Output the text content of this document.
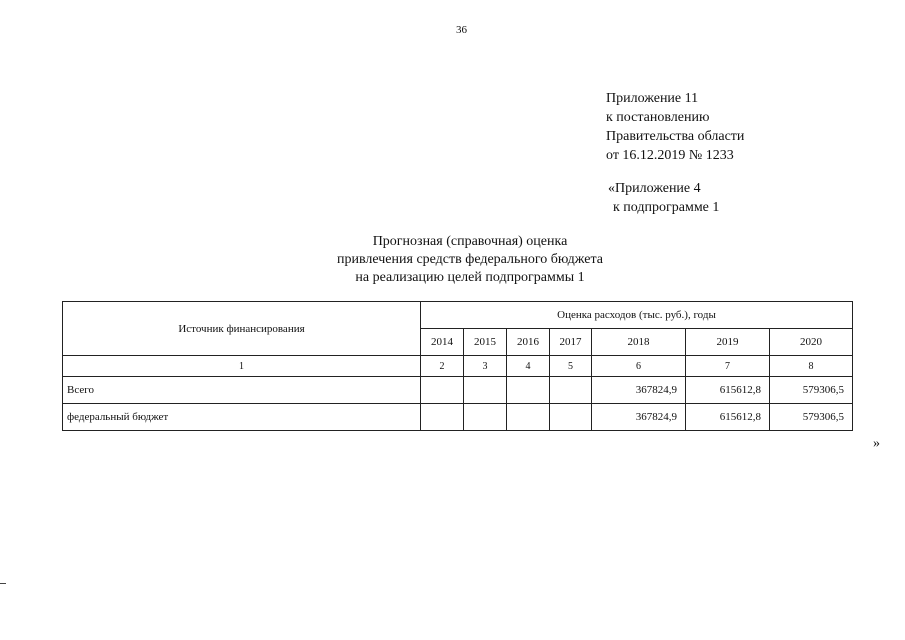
36
Приложение 11
к постановлению
Правительства области
от 16.12.2019 № 1233
«Приложение 4
к подпрограмме 1
Прогнозная (справочная) оценка
привлечения средств федерального бюджета
на реализацию целей подпрограммы 1
Источник финансирования	Оценка расходов (тыс. руб.), годы						
	2014	2015	2016	2017	2018	2019	2020
1	2	3	4	5	6	7	8
Всего					367824,9	615612,8	579306,5
федеральный бюджет					367824,9	615612,8	579306,5
»
